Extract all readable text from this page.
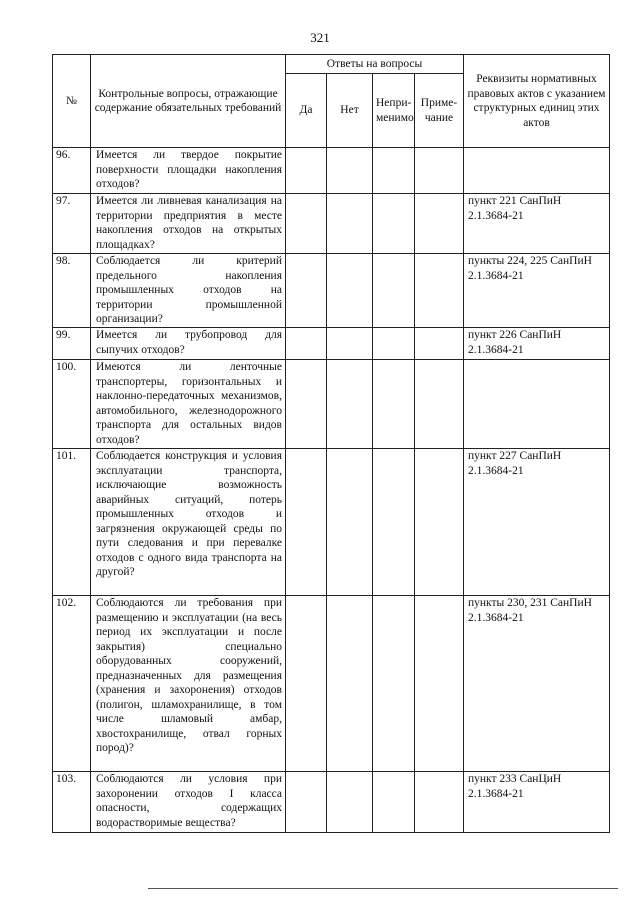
321
№	Контрольные вопросы, отражающие содержание обязательных требований	Ответы на вопросы				Реквизиты нормативных правовых актов с указанием структурных единиц этих актов
		Да	Нет	Непри-менимо	Приме-чание	
96.	Имеется ли твердое покрытие поверхности площадки накопления отходов?					
97.	Имеется ли ливневая канализация на территории предприятия в месте накопления отходов на открытых площадках?					пункт 221 СанПиН 2.1.3684-21
98.	Соблюдается ли критерий предельного накопления промышленных отходов на территории промышленной организации?					пункты 224, 225 СанПиН 2.1.3684-21
99.	Имеется ли трубопровод для сыпучих отходов?					пункт 226 СанПиН 2.1.3684-21
100.	Имеются ли ленточные транспортеры, горизонтальных и наклонно-передаточных механизмов, автомобильного, железнодорожного транспорта для остальных видов отходов?					
101.	Соблюдается конструкция и условия эксплуатации транспорта, исключающие возможность аварийных ситуаций, потерь промышленных отходов и загрязнения окружающей среды по пути следования и при перевалке отходов с одного вида транспорта на другой?					пункт 227 СанПиН 2.1.3684-21
102.	Соблюдаются ли требования при размещению и эксплуатации (на весь период их эксплуатации и после закрытия) специально оборудованных сооружений, предназначенных для размещения (хранения и захоронения) отходов (полигон, шламохранилище, в том числе шламовый амбар, хвостохранилище, отвал горных пород)?					пункты 230, 231 СанПиН 2.1.3684-21
103.	Соблюдаются ли условия при захоронении отходов I класса опасности, содержащих водорастворимые вещества?					пункт 233 СанЦиН 2.1.3684-21
